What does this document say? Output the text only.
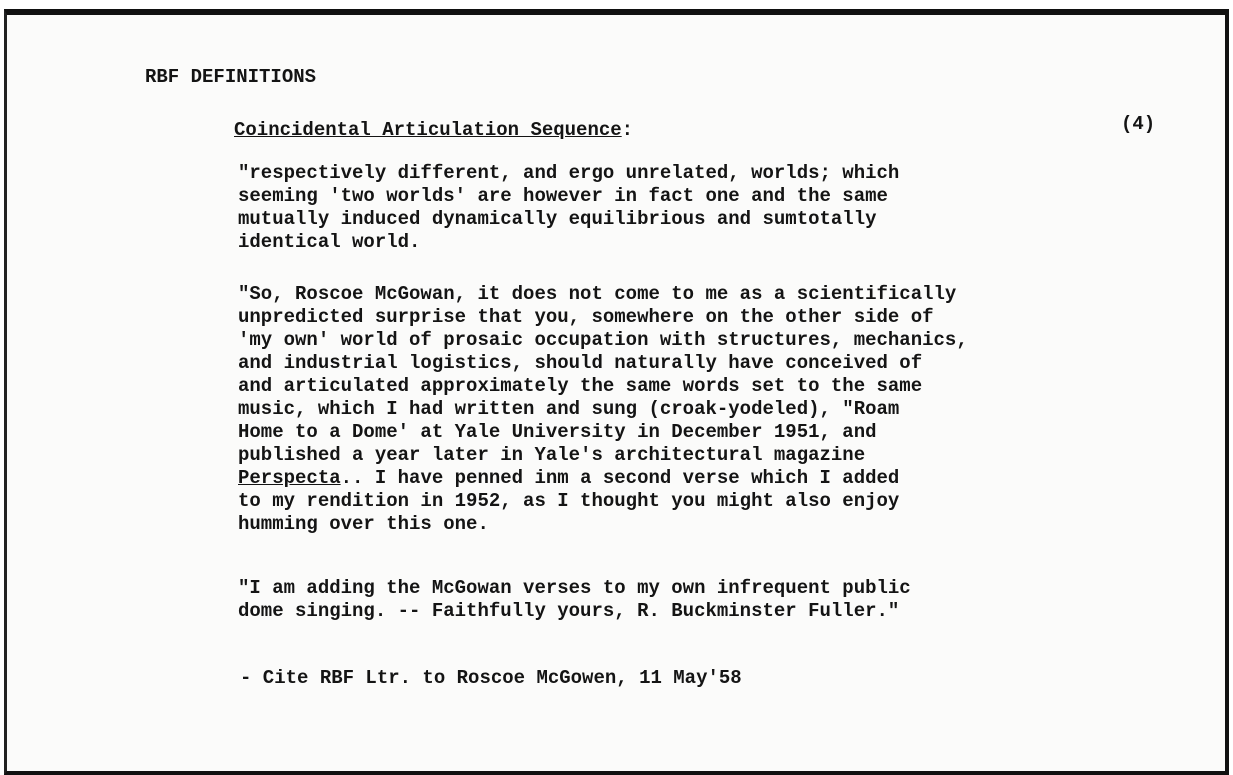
RBF DEFINITIONS
Coincidental Articulation Sequence:	(4)

"respectively different, and ergo unrelated, worlds; which
seeming 'two worlds' are however in fact one and the same
mutually induced dynamically equilibrious and sumtotally
identical world.

"So, Roscoe McGowan, it does not come to me as a scientifically
unpredicted surprise that you, somewhere on the other side of
'my own' world of prosaic occupation with structures, mechanics,
and industrial logistics, should naturally have conceived of
and articulated approximately the same words set to the same
music, which I had written and sung (croak-yodeled), "Roam
Home to a Dome' at Yale University in December 1951, and
published a year later in Yale's architectural magazine
Perspecta.. I have penned inm a second verse which I added
to my rendition in 1952, as I thought you might also enjoy
humming over this one.

"I am adding the McGowan verses to my own infrequent public
dome singing. -- Faithfully yours, R. Buckminster Fuller."

- Cite RBF Ltr. to Roscoe McGowen, 11 May'58
